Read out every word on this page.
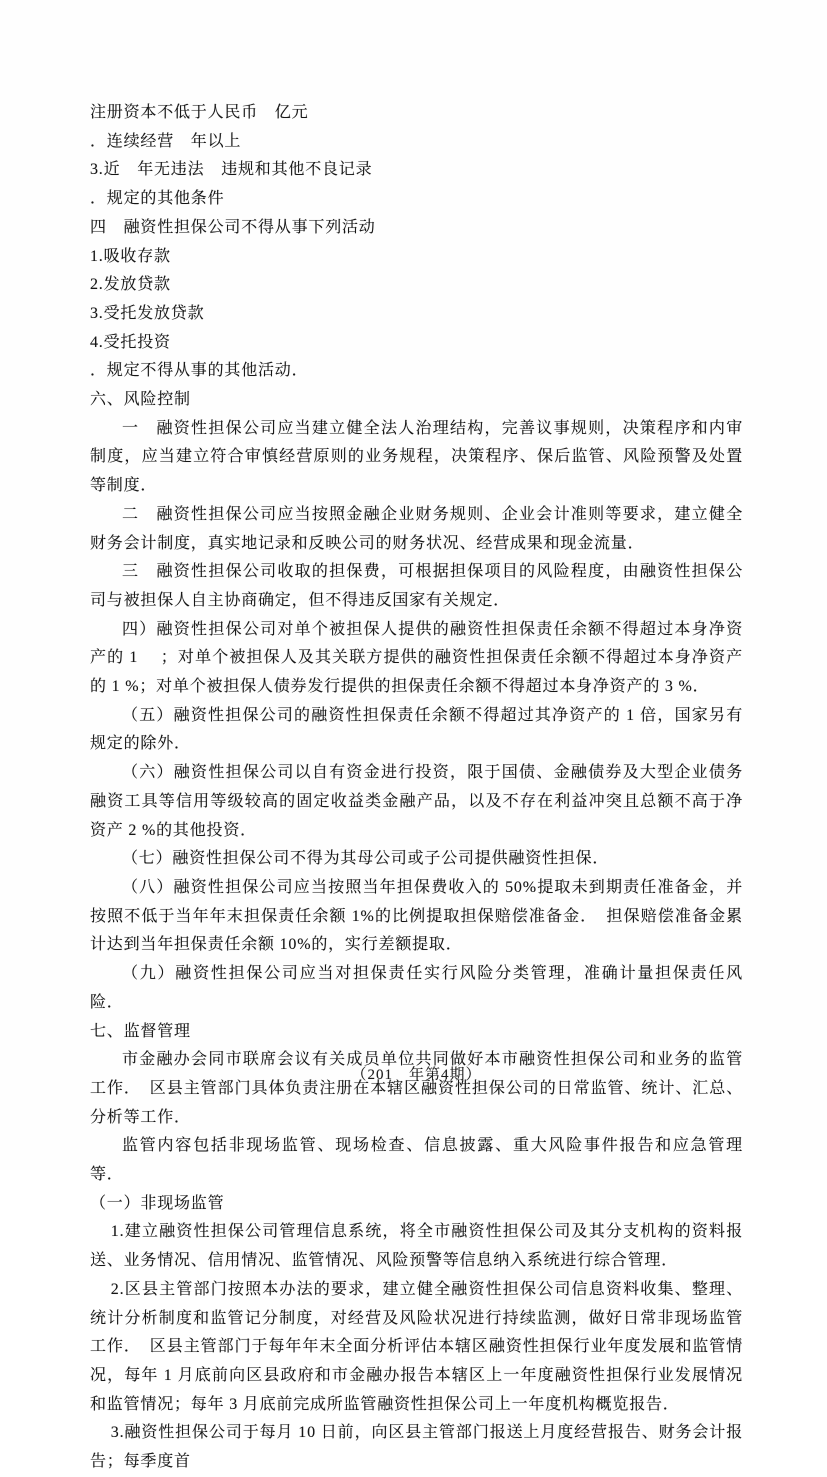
注册资本不低于人民币　亿元

．连续经营　年以上

3.近　年无违法　违规和其他不良记录

．规定的其他条件

四　融资性担保公司不得从事下列活动

1.吸收存款

2.发放贷款

3.受托发放贷款

4.受托投资

．规定不得从事的其他活动．

六、风险控制

一　融资性担保公司应当建立健全法人治理结构，完善议事规则，决策程序和内审制度，应当建立符合审慎经营原则的业务规程，决策程序、保后监管、风险预警及处置等制度．

二　融资性担保公司应当按照金融企业财务规则、企业会计准则等要求，建立健全财务会计制度，真实地记录和反映公司的财务状况、经营成果和现金流量．

三　融资性担保公司收取的担保费，可根据担保项目的风险程度，由融资性担保公司与被担保人自主协商确定，但不得违反国家有关规定．

四）融资性担保公司对单个被担保人提供的融资性担保责任余额不得超过本身净资产的 1　 ；对单个被担保人及其关联方提供的融资性担保责任余额不得超过本身净资产的 1 %；对单个被担保人债券发行提供的担保责任余额不得超过本身净资产的 3 %．

（五）融资性担保公司的融资性担保责任余额不得超过其净资产的 1 倍，国家另有规定的除外．

（六）融资性担保公司以自有资金进行投资，限于国债、金融债券及大型企业债务融资工具等信用等级较高的固定收益类金融产品，以及不存在利益冲突且总额不高于净资产 2 %的其他投资．

（七）融资性担保公司不得为其母公司或子公司提供融资性担保．

（八）融资性担保公司应当按照当年担保费收入的 50%提取未到期责任准备金，并按照不低于当年年末担保责任余额 1%的比例提取担保赔偿准备金．　担保赔偿准备金累计达到当年担保责任余额 10%的，实行差额提取．

（九）融资性担保公司应当对担保责任实行风险分类管理，准确计量担保责任风险．

七、监督管理

市金融办会同市联席会议有关成员单位共同做好本市融资性担保公司和业务的监管工作．　区县主管部门具体负责注册在本辖区融资性担保公司的日常监管、统计、汇总、分析等工作．

监管内容包括非现场监管、现场检查、信息披露、重大风险事件报告和应急管理等．

（一）非现场监管

1.建立融资性担保公司管理信息系统，将全市融资性担保公司及其分支机构的资料报送、业务情况、信用情况、监管情况、风险预警等信息纳入系统进行综合管理．

2.区县主管部门按照本办法的要求，建立健全融资性担保公司信息资料收集、整理、统计分析制度和监管记分制度，对经营及风险状况进行持续监测，做好日常非现场监管工作．　区县主管部门于每年年末全面分析评估本辖区融资性担保行业年度发展和监管情况，每年 1 月底前向区县政府和市金融办报告本辖区上一年度融资性担保行业发展情况和监管情况；每年 3 月底前完成所监管融资性担保公司上一年度机构概览报告．

3.融资性担保公司于每月 10 日前，向区县主管部门报送上月度经营报告、财务会计报告；每季度首

（201　年第4期）
